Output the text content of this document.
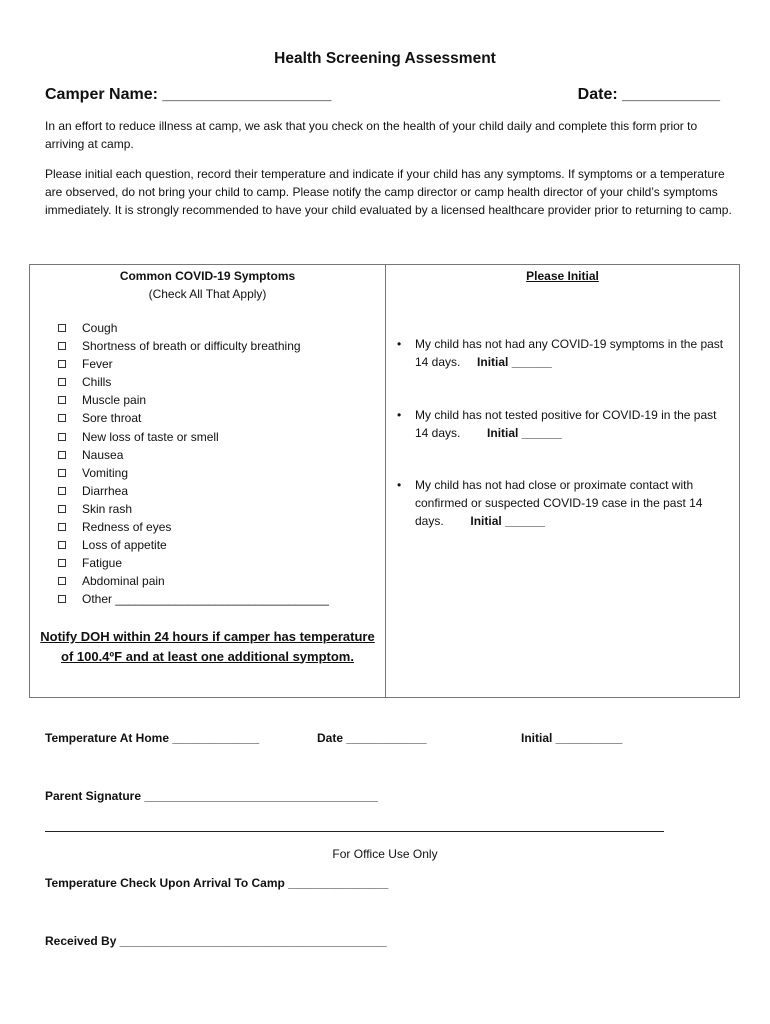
Health Screening Assessment
Camper Name: ___________________	Date: ___________
In an effort to reduce illness at camp, we ask that you check on the health of your child daily and complete this form prior to arriving at camp.
Please initial each question, record their temperature and indicate if your child has any symptoms. If symptoms or a temperature are observed, do not bring your child to camp. Please notify the camp director or camp health director of your child’s symptoms immediately. It is strongly recommended to have your child evaluated by a licensed healthcare provider prior to returning to camp.
Common COVID-19 Symptoms
(Check All That Apply)
Please Initial
Cough
Shortness of breath or difficulty breathing
Fever
Chills
Muscle pain
Sore throat
New loss of taste or smell
Nausea
Vomiting
Diarrhea
Skin rash
Redness of eyes
Loss of appetite
Fatigue
Abdominal pain
Other ________________________________
Notify DOH within 24 hours if camper has temperature of 100.4ºF and at least one additional symptom.
• My child has not had any COVID-19 symptoms in the past 14 days. Initial ______
• My child has not tested positive for COVID-19 in the past 14 days. Initial ______
• My child has not had close or proximate contact with confirmed or suspected COVID-19 case in the past 14 days. Initial ______
Temperature At Home _____________	Date ____________	Initial __________
Parent Signature ___________________________________
For Office Use Only
Temperature Check Upon Arrival To Camp _______________
Received By ________________________________________
